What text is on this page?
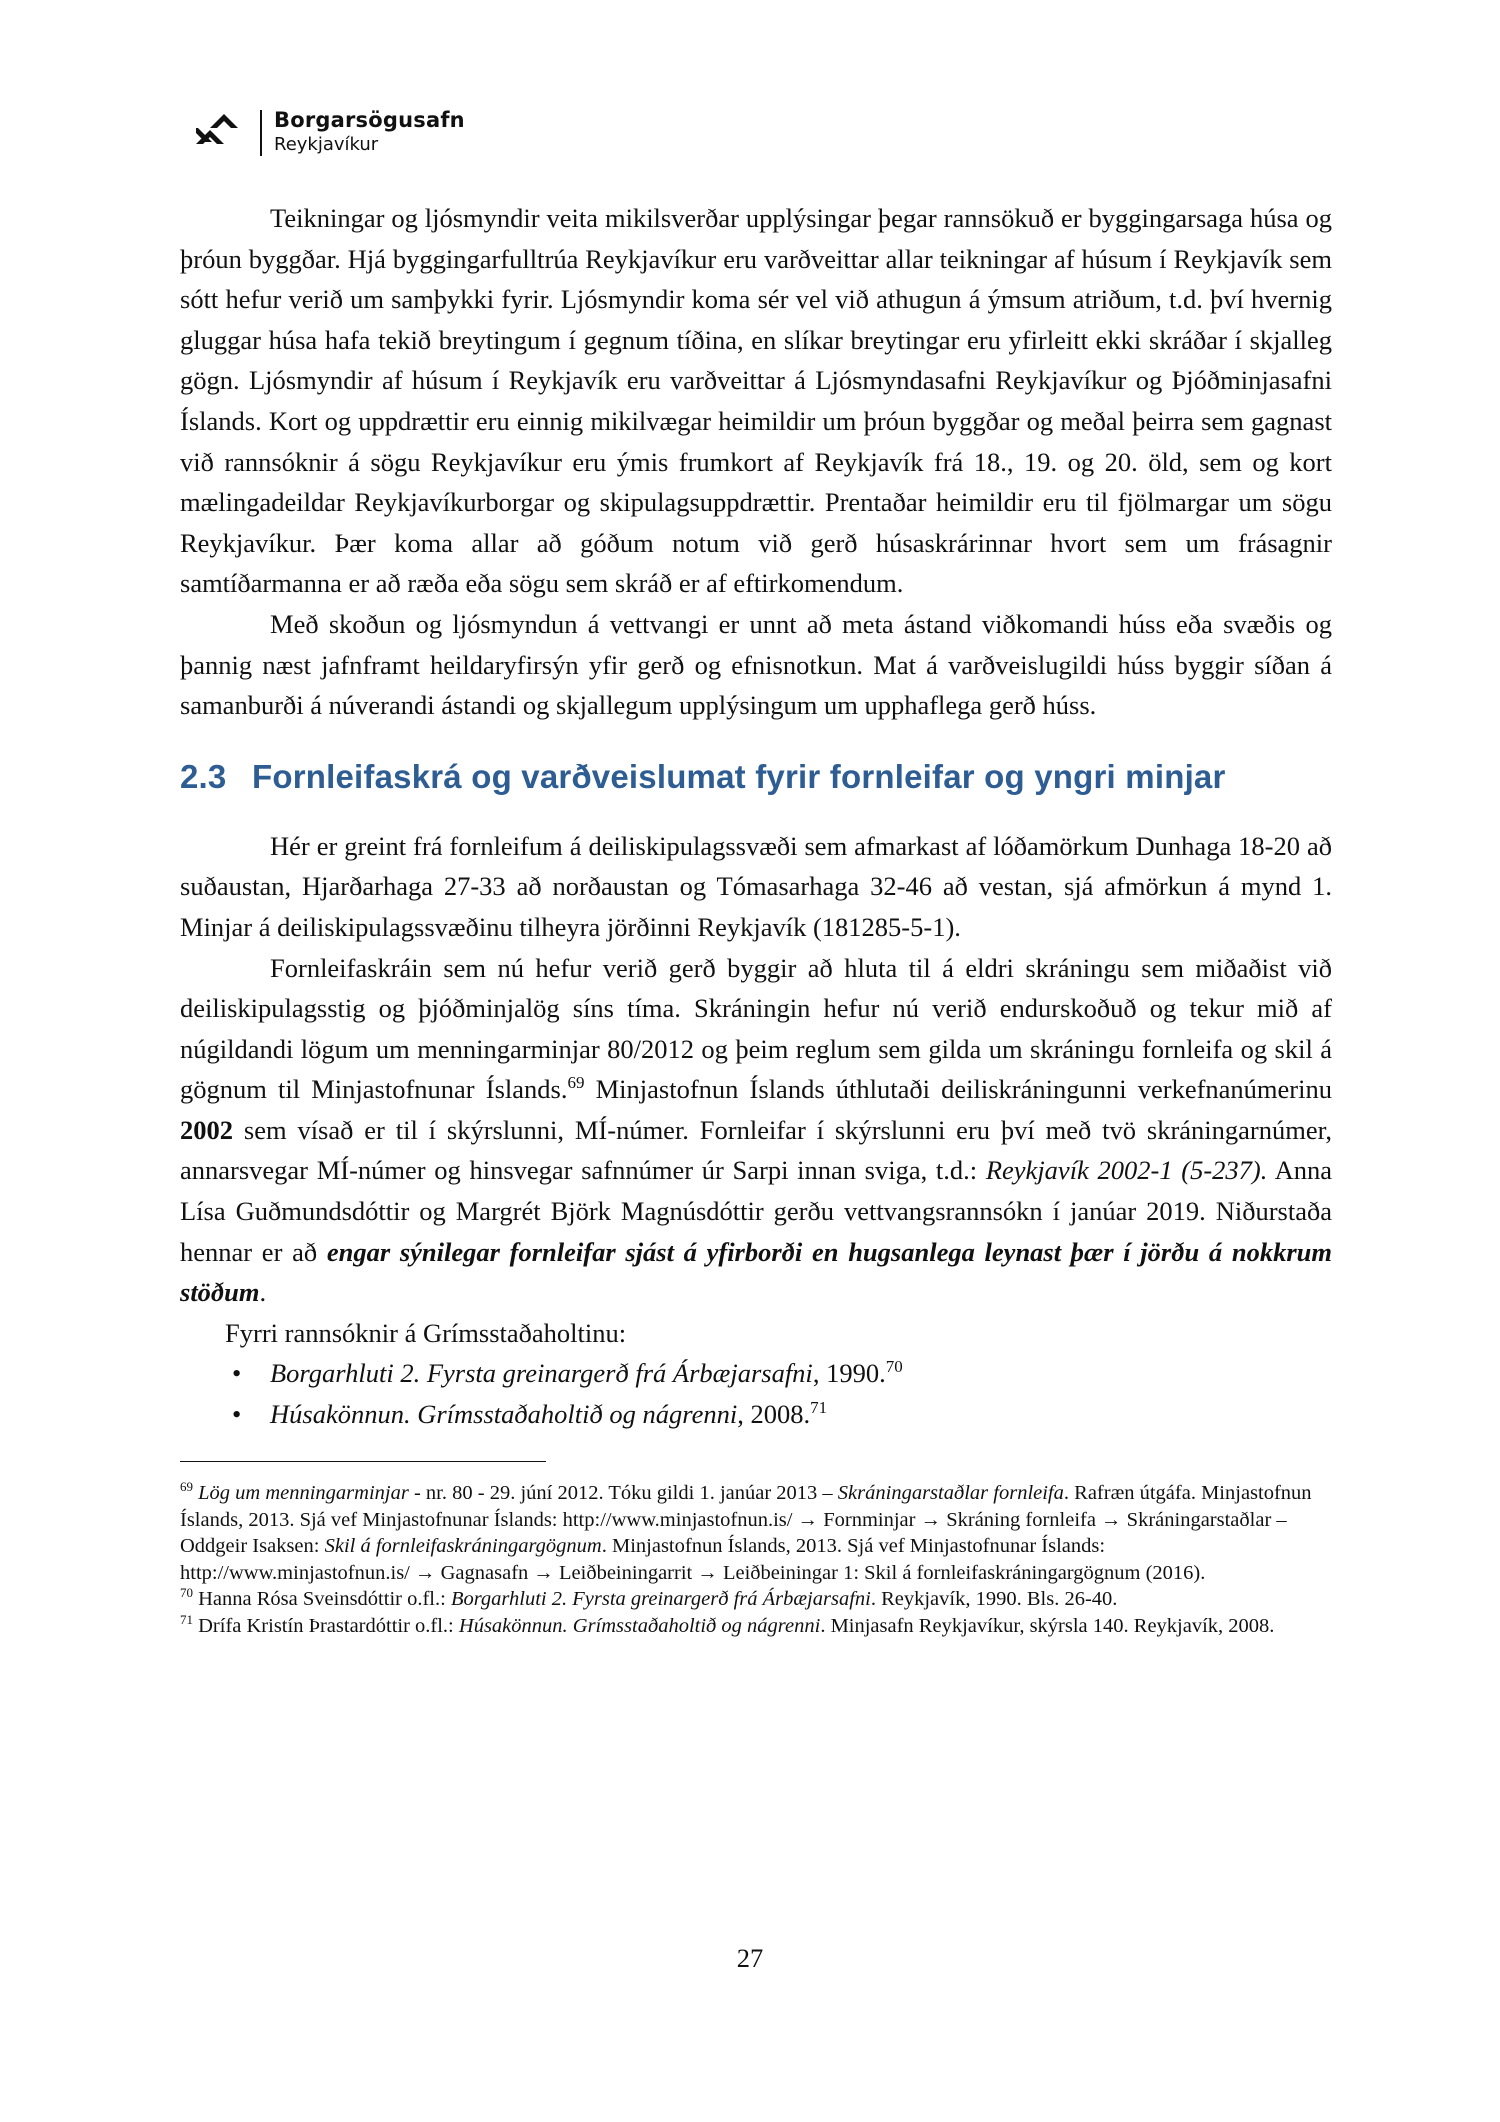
Borgarsögusafn
Reykjavíkur

Teikningar og ljósmyndir veita mikilsverðar upplýsingar þegar rannsökuð er byggingarsaga húsa og þróun byggðar. Hjá byggingarfulltrúa Reykjavíkur eru varðveittar allar teikningar af húsum í Reykjavík sem sótt hefur verið um samþykki fyrir. Ljósmyndir koma sér vel við athugun á ýmsum atriðum, t.d. því hvernig gluggar húsa hafa tekið breytingum í gegnum tíðina, en slíkar breytingar eru yfirleitt ekki skráðar í skjalleg gögn. Ljósmyndir af húsum í Reykjavík eru varðveittar á Ljósmyndasafni Reykjavíkur og Þjóðminjasafni Íslands. Kort og uppdrættir eru einnig mikilvægar heimildir um þróun byggðar og meðal þeirra sem gagnast við rannsóknir á sögu Reykjavíkur eru ýmis frumkort af Reykjavík frá 18., 19. og 20. öld, sem og kort mælingadeildar Reykjavíkurborgar og skipulagsuppdrættir. Prentaðar heimildir eru til fjölmargar um sögu Reykjavíkur. Þær koma allar að góðum notum við gerð húsaskrárinnar hvort sem um frásagnir samtíðarmanna er að ræða eða sögu sem skráð er af eftirkomendum.

Með skoðun og ljósmyndun á vettvangi er unnt að meta ástand viðkomandi húss eða svæðis og þannig næst jafnframt heildaryfirsýn yfir gerð og efnisnotkun. Mat á varðveislugildi húss byggir síðan á samanburði á núverandi ástandi og skjallegum upplýsingum um upphaflega gerð húss.

2.3 Fornleifaskrá og varðveislumat fyrir fornleifar og yngri minjar

Hér er greint frá fornleifum á deiliskipulagssvæði sem afmarkast af lóðamörkum Dunhaga 18-20 að suðaustan, Hjarðarhaga 27-33 að norðaustan og Tómasarhaga 32-46 að vestan, sjá afmörkun á mynd 1. Minjar á deiliskipulagssvæðinu tilheyra jörðinni Reykjavík (181285-5-1).

Fornleifaskráin sem nú hefur verið gerð byggir að hluta til á eldri skráningu sem miðaðist við deiliskipulagsstig og þjóðminjalög síns tíma. Skráningin hefur nú verið endurskoðuð og tekur mið af núgildandi lögum um menningarminjar 80/2012 og þeim reglum sem gilda um skráningu fornleifa og skil á gögnum til Minjastofnunar Íslands.$^{69}$ Minjastofnun Íslands úthlutaði deiliskráningunni verkefnanúmerinu 2002 sem vísað er til í skýrslunni, MÍ-númer. Fornleifar í skýrslunni eru því með tvö skráningarnúmer, annarsvegar MÍ-númer og hinsvegar safnnúmer úr Sarpi innan sviga, t.d.: Reykjavík 2002-1 (5-237). Anna Lísa Guðmundsdóttir og Margrét Björk Magnúsdóttir gerðu vettvangsrannsókn í janúar 2019. Niðurstaða hennar er að engar sýnilegar fornleifar sjást á yfirborði en hugsanlega leynast þær í jörðu á nokkrum stöðum.

Fyrri rannsóknir á Grímsstaðaholtinu:

• Borgarhluti 2. Fyrsta greinargerð frá Árbæjarsafni, 1990.70
• Húsakönnun. Grímsstaðaholtið og nágrenni, 2008.71

$^{69}$ Lög um menningarminjar - nr. 80 - 29. júní 2012. Tóku gildi 1. janúar 2013 – Skráningarstaðlar fornleifa. Rafræn útgáfa. Minjastofnun Íslands, 2013. Sjá vef Minjastofnunar Íslands: http://www.minjastofnun.is/ → Fornminjar → Skráning fornleifa → Skráningarstaðlar – Oddgeir Isaksen: Skil á fornleifaskráningargögnum. Minjastofnun Íslands, 2013. Sjá vef Minjastofnunar Íslands: http://www.minjastofnun.is/ → Gagnasafn → Leiðbeiningarrit → Leiðbeiningar 1: Skil á fornleifaskráningargögnum (2016).

$^{70}$ Hanna Rósa Sveinsdóttir o.fl.: Borgarhluti 2. Fyrsta greinargerð frá Árbæjarsafni. Reykjavík, 1990. Bls. 26-40.

$^{71}$ Drífa Kristín Þrastardóttir o.fl.: Húsakönnun. Grímsstaðaholtið og nágrenni. Minjasafn Reykjavíkur, skýrsla 140. Reykjavík, 2008.

27
